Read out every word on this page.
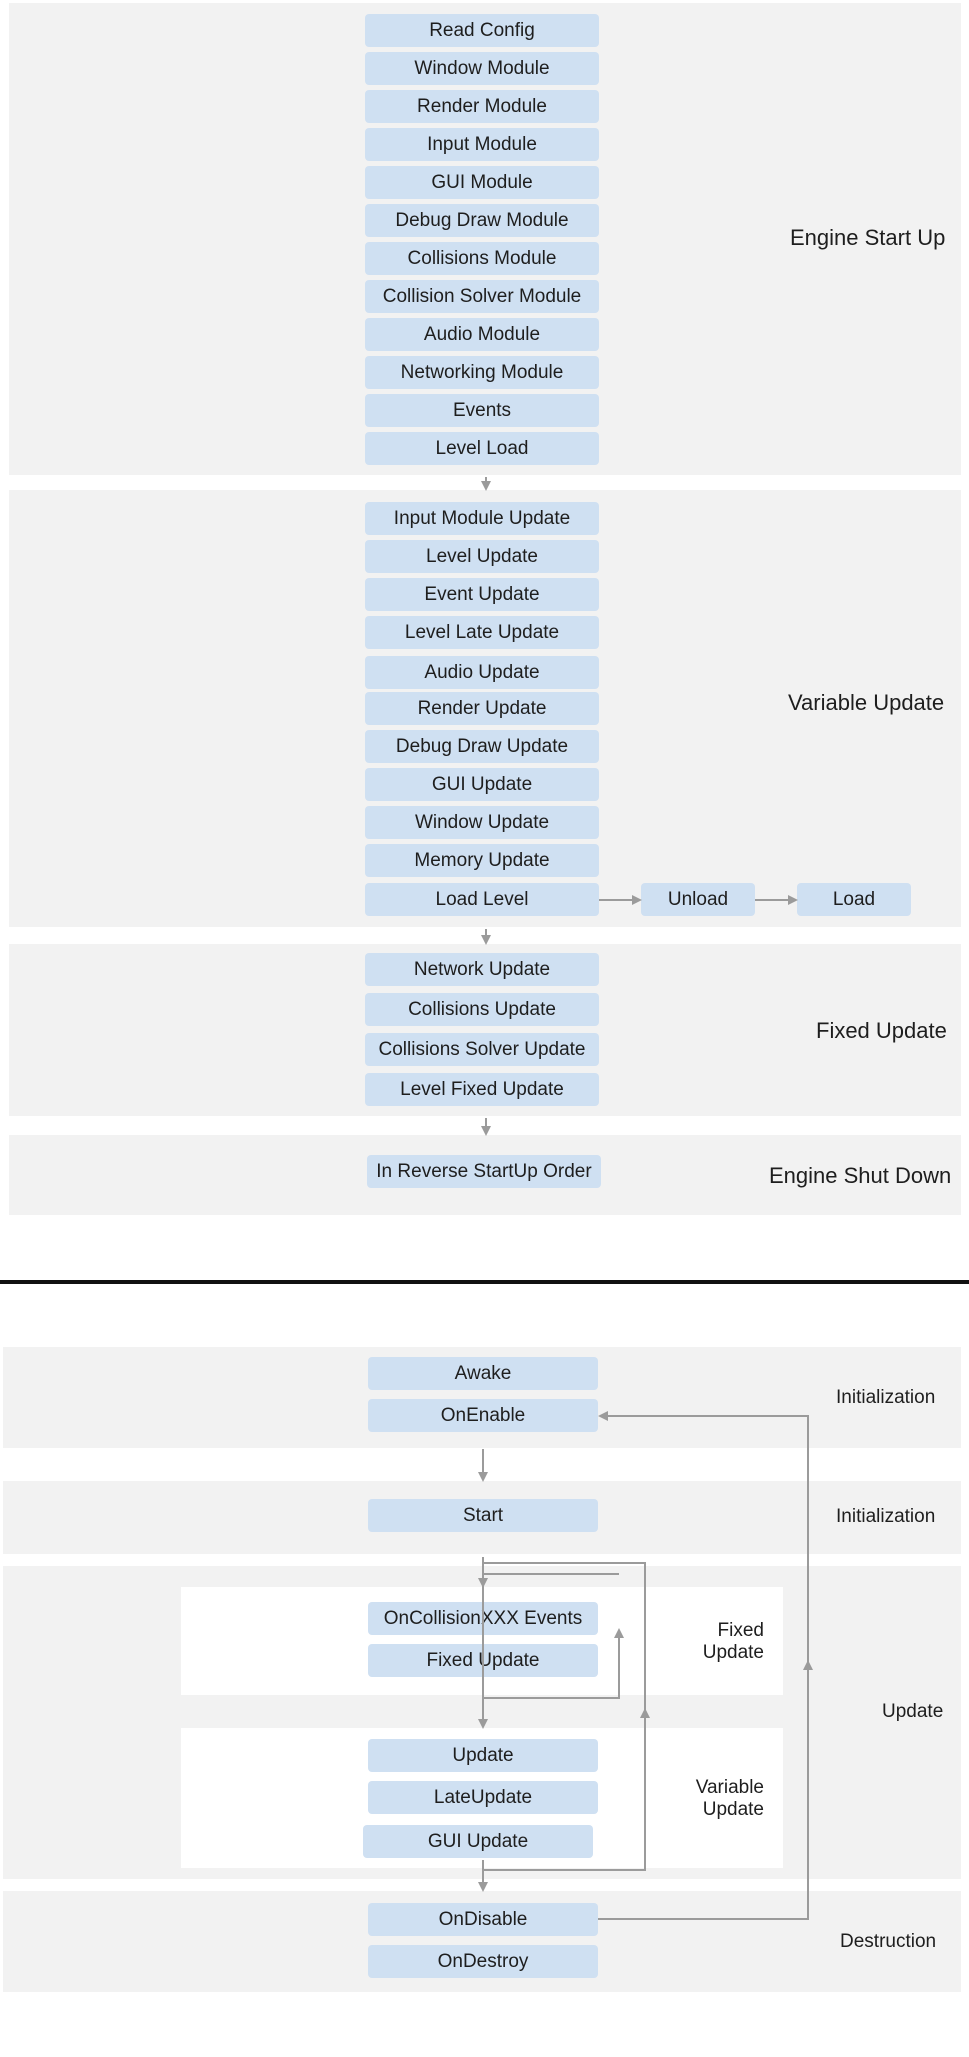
Engine Start Up
Read Config
Window Module
Render Module
Input Module
GUI Module
Debug Draw Module
Collisions Module
Collision Solver Module
Audio Module
Networking Module
Events
Level Load
Variable Update
Input Module Update
Level Update
Event Update
Level Late Update
Audio Update
Render Update
Debug Draw Update
GUI Update
Window Update
Memory Update
Load Level	Unload	Load
Fixed Update
Network Update
Collisions Update
Collisions Solver Update
Level Fixed Update
Engine Shut Down
In Reverse StartUp Order
Initialization
Awake
OnEnable
Initialization
Start
Update
Fixed
Update
OnCollisionXXX Events
Fixed Update
Variable
Update
Update
LateUpdate
GUI Update
Destruction
OnDisable
OnDestroy
